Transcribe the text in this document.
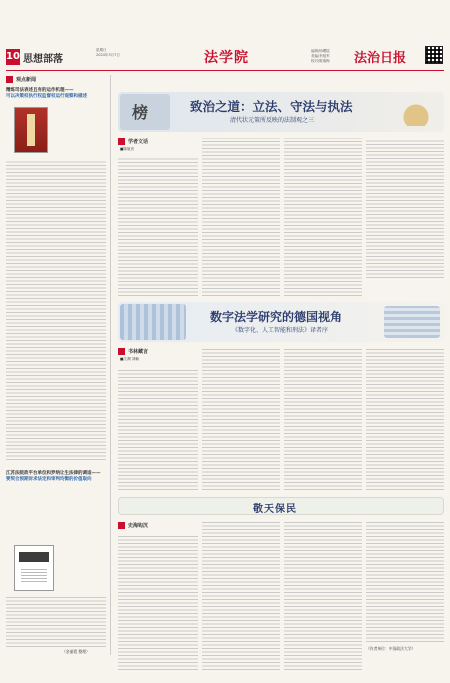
10 思想部落
星期日
2024年3月7日	法学院	编辑/杨曙铭
美编/李旭军
校对/陈瑞梅	法治日报
观点新闻
精炼司法表述且有的运作机理——
可以决策权执行权监督权运行观察和描述
江苏法院政平台单位和罗纳让生法律的调适——
要契合预期诉求法定和审判均衡的价值取向
（金丽霞 整理）
榜	致治之道：立法、守法与执法
清代状元策所反映的法制观之三
学者文话
■陈航庆
数字法学研究的德国视角
《数字化、人工智能和刑法》译者序
书林藏言
■江溯 刘畅
敬天保民
史海钩沉
（作者单位：中国政法大学）
